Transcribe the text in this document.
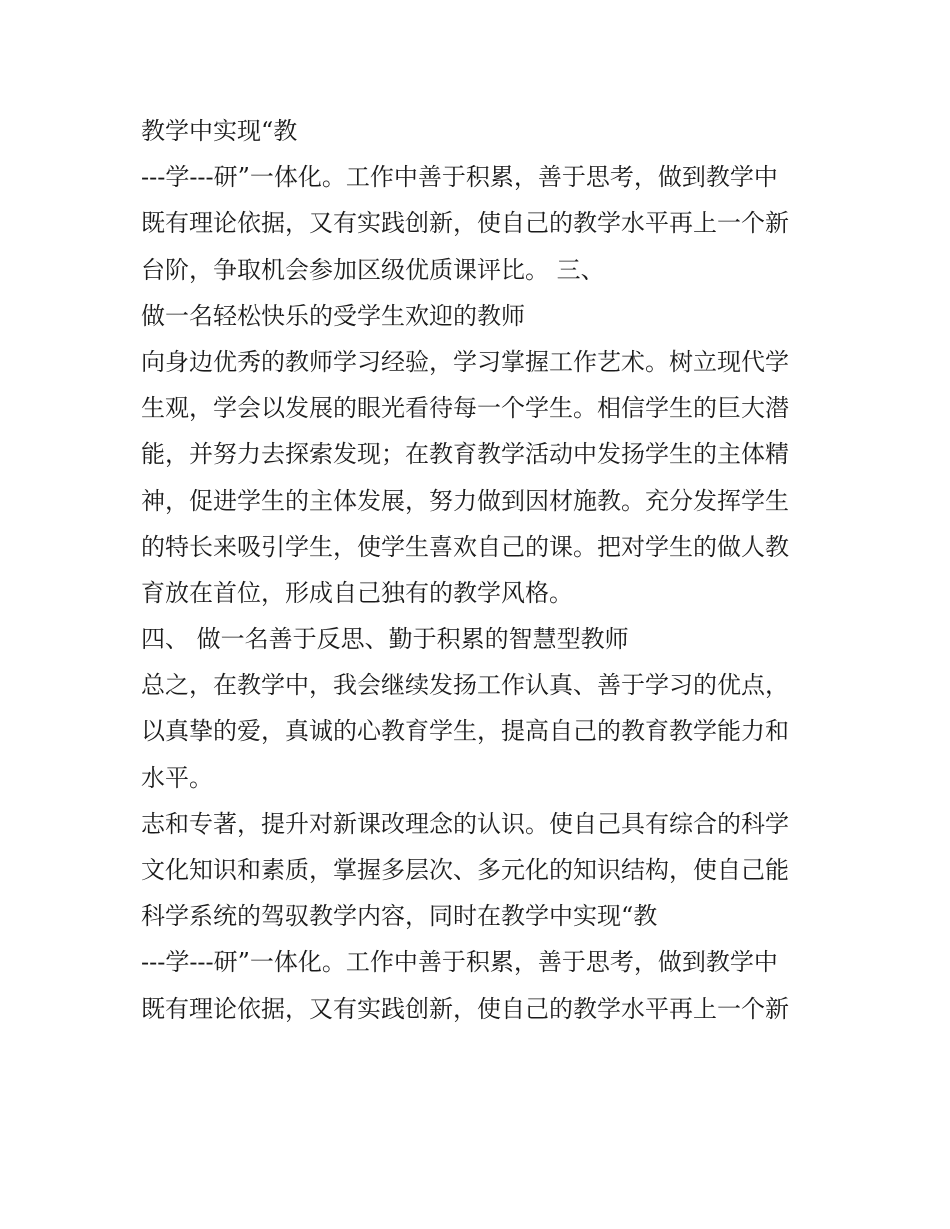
教学中实现“教

---学---研”一体化。工作中善于积累，善于思考，做到教学中

既有理论依据，又有实践创新，使自己的教学水平再上一个新

台阶，争取机会参加区级优质课评比。 三、

做一名轻松快乐的受学生欢迎的教师

向身边优秀的教师学习经验，学习掌握工作艺术。树立现代学

生观，学会以发展的眼光看待每一个学生。相信学生的巨大潜

能，并努力去探索发现；在教育教学活动中发扬学生的主体精

神，促进学生的主体发展，努力做到因材施教。充分发挥学生

的特长来吸引学生，使学生喜欢自己的课。把对学生的做人教

育放在首位，形成自己独有的教学风格。

四、 做一名善于反思、勤于积累的智慧型教师

总之，在教学中，我会继续发扬工作认真、善于学习的优点，

以真挚的爱，真诚的心教育学生，提高自己的教育教学能力和

水平。

志和专著，提升对新课改理念的认识。使自己具有综合的科学

文化知识和素质，掌握多层次、多元化的知识结构，使自己能

科学系统的驾驭教学内容，同时在教学中实现“教

---学---研”一体化。工作中善于积累，善于思考，做到教学中

既有理论依据，又有实践创新，使自己的教学水平再上一个新
